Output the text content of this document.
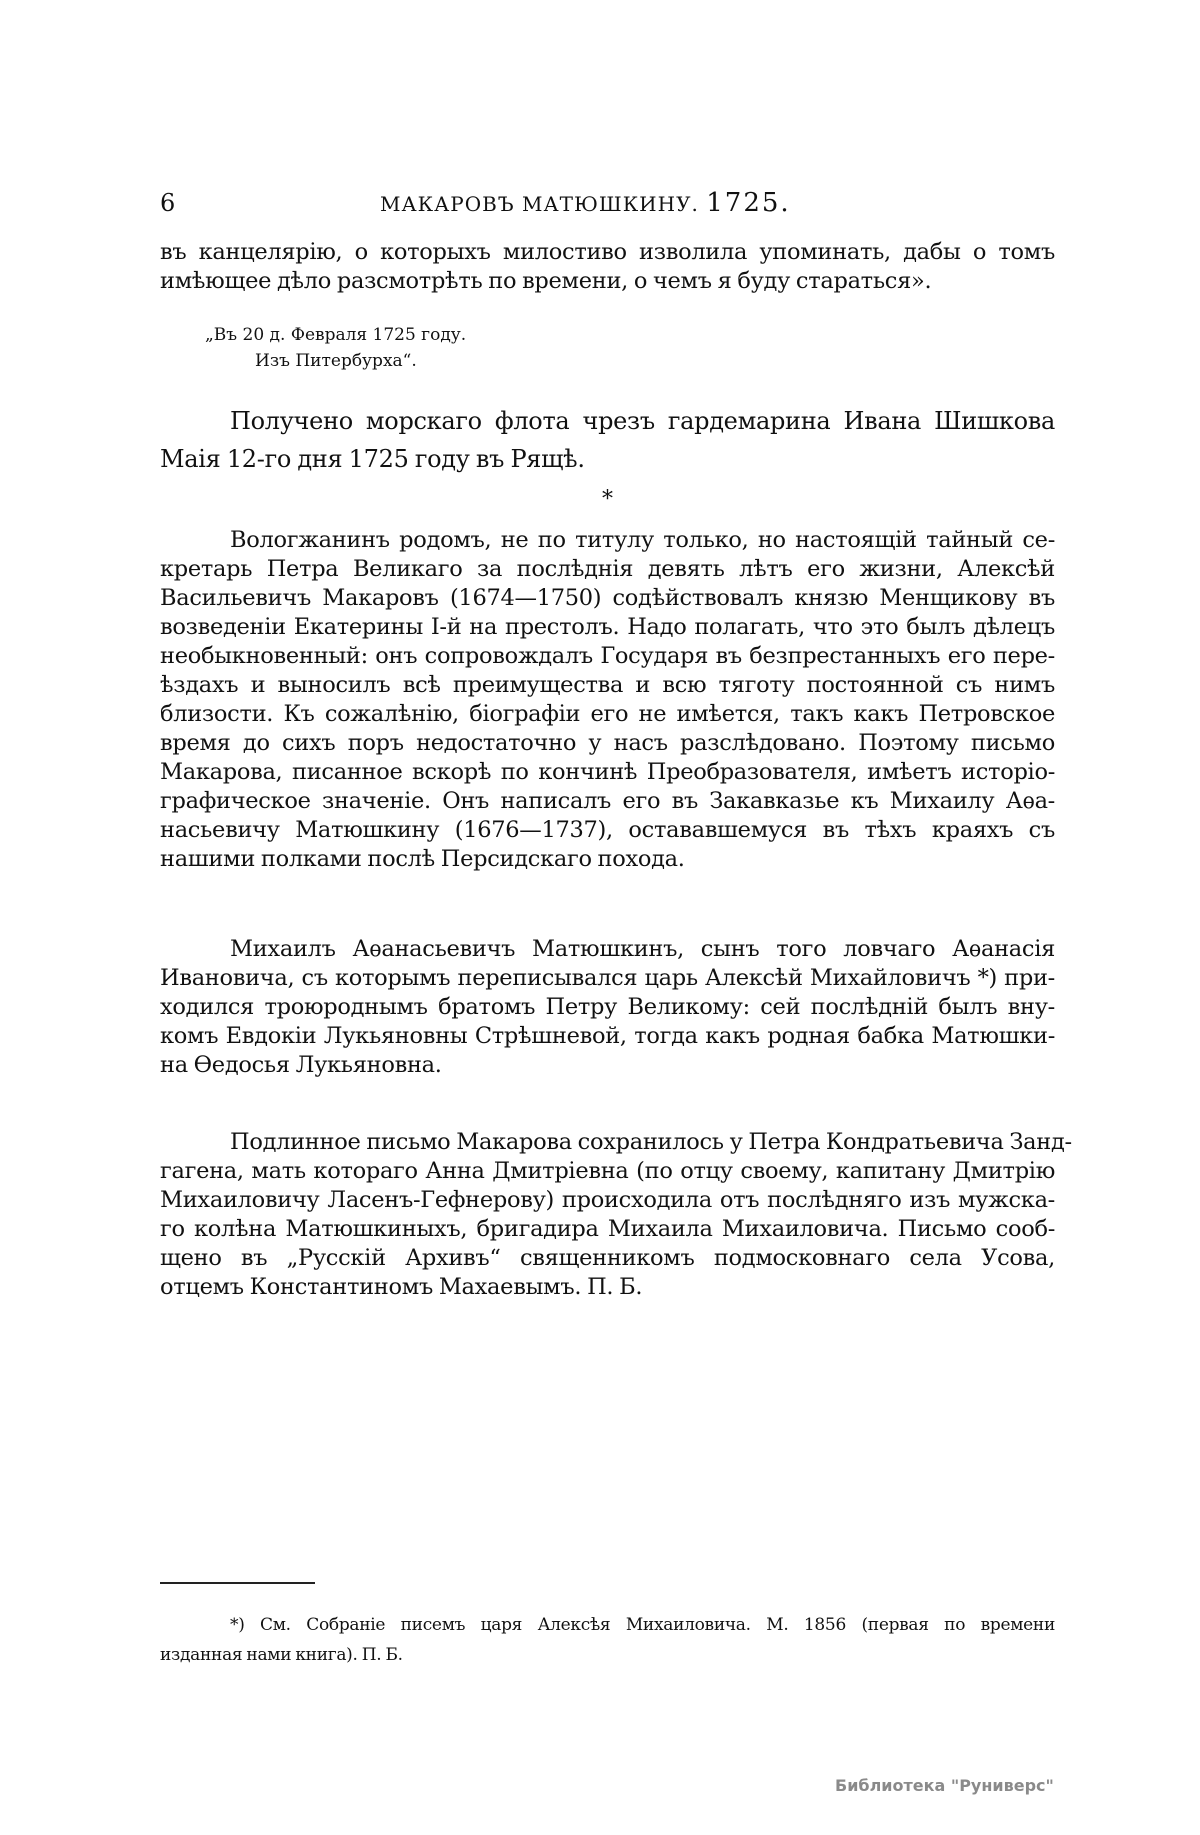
6	МАКАРОВЪ МАТЮШКИНУ. 1725.
въ канцелярію, о которыхъ милостиво изволила упоминать, дабы о томъ
имѣющее дѣло разсмотрѣть по времени, о чемъ я буду стараться».
„Въ 20 д. Февраля 1725 году.
Изъ Питербурха“.
Получено морскаго флота чрезъ гардемарина Ивана Шишкова
Маія 12-го дня 1725 году въ Рящѣ.
*
Вологжанинъ родомъ, не по титулу только, но настоящій тайный се-
кретарь Петра Великаго за послѣднія девять лѣтъ его жизни, Алексѣй
Васильевичъ Макаровъ (1674—1750) содѣйствовалъ князю Менщикову въ
возведеніи Екатерины I-й на престолъ. Надо полагать, что это былъ дѣлецъ
необыкновенный: онъ сопровождалъ Государя въ безпрестанныхъ его пере-
ѣздахъ и выносилъ всѣ преимущества и всю тяготу постоянной съ нимъ
близости. Къ сожалѣнію, біографіи его не имѣется, такъ какъ Петровское
время до сихъ поръ недостаточно у насъ разслѣдовано. Поэтому письмо
Макарова, писанное вскорѣ по кончинѣ Преобразователя, имѣетъ исторіо-
графическое значеніе. Онъ написалъ его въ Закавказье къ Михаилу Аѳа-
насьевичу Матюшкину (1676—1737), остававшемуся въ тѣхъ краяхъ съ
нашими полками послѣ Персидскаго похода.
Михаилъ Аѳанасьевичъ Матюшкинъ, сынъ того ловчаго Аѳанасія
Ивановича, съ которымъ переписывался царь Алексѣй Михайловичъ *) при-
ходился троюроднымъ братомъ Петру Великому: сей послѣдній былъ вну-
комъ Евдокіи Лукьяновны Стрѣшневой, тогда какъ родная бабка Матюшки-
на Ѳедосья Лукьяновна.
Подлинное письмо Макарова сохранилось у Петра Кондратьевича Занд-
гагена, мать котораго Анна Дмитріевна (по отцу своему, капитану Дмитрію
Михаиловичу Ласенъ-Гефнерову) происходила отъ послѣдняго изъ мужска-
го колѣна Матюшкиныхъ, бригадира Михаила Михаиловича. Письмо сооб-
щено въ „Русскій Архивъ“ священникомъ подмосковнаго села Усова,
отцемъ Константиномъ Махаевымъ. П. Б.
*) См. Собраніе писемъ царя Алексѣя Михаиловича. М. 1856 (первая по времени
изданная нами книга). П. Б.
Библиотека "Руниверс"
